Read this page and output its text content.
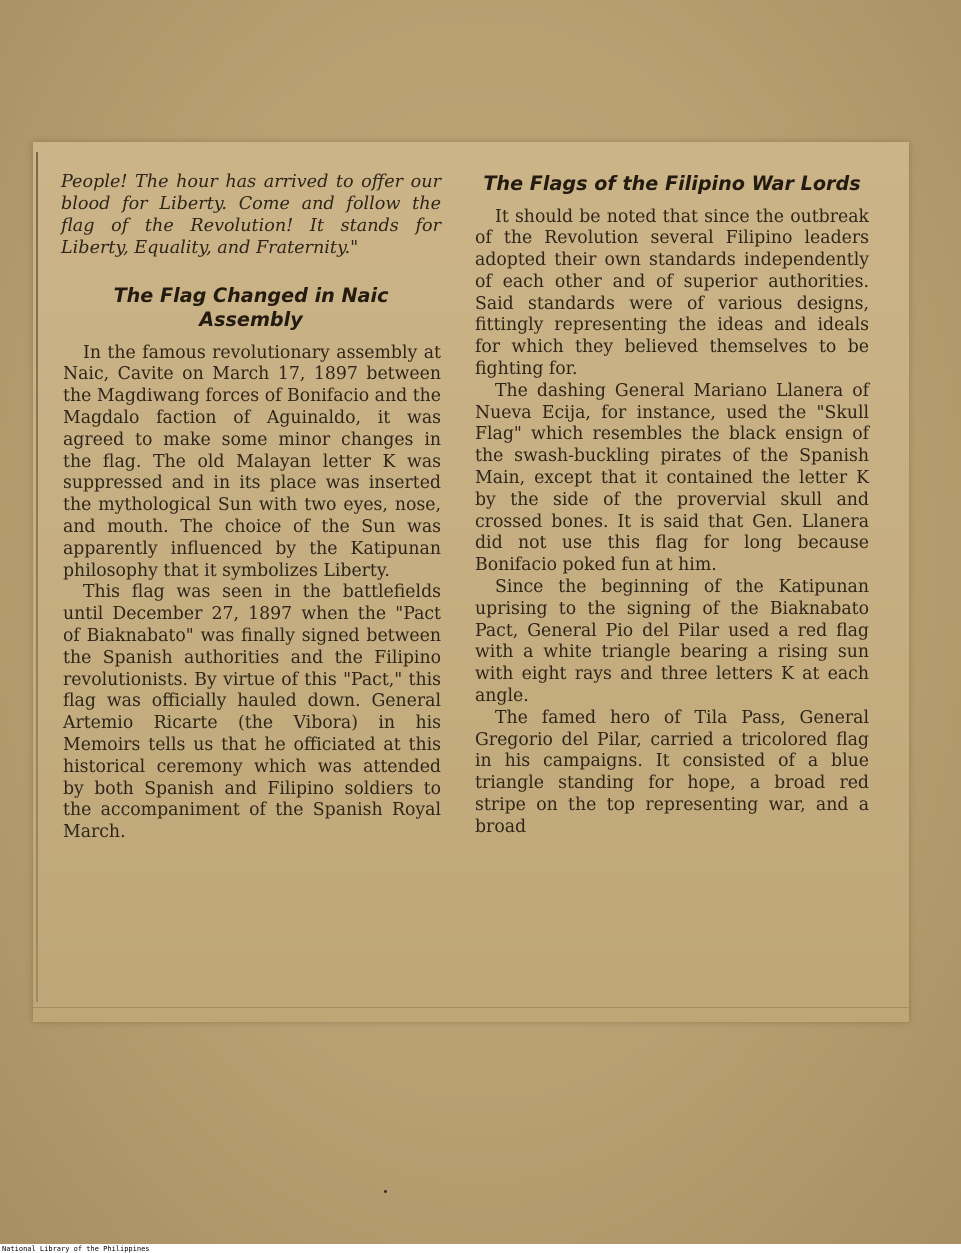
People! The hour has arrived to offer our blood for Liberty. Come and follow the flag of the Revolution! It stands for Liberty, Equality, and Fraternity."

The Flag Changed in Naic Assembly

In the famous revolutionary assembly at Naic, Cavite on March 17, 1897 between the Magdiwang forces of Bonifacio and the Magdalo faction of Aguinaldo, it was agreed to make some minor changes in the flag. The old Malayan letter K was suppressed and in its place was inserted the mythological Sun with two eyes, nose, and mouth. The choice of the Sun was apparently influenced by the Katipunan philosophy that it symbolizes Liberty.

This flag was seen in the battlefields until December 27, 1897 when the "Pact of Biaknabato" was finally signed between the Spanish authorities and the Filipino revolutionists. By virtue of this "Pact," this flag was officially hauled down. General Artemio Ricarte (the Vibora) in his Memoirs tells us that he officiated at this historical ceremony which was attended by both Spanish and Filipino soldiers to the accompaniment of the Spanish Royal March.

The Flags of the Filipino War Lords

It should be noted that since the outbreak of the Revolution several Filipino leaders adopted their own standards independently of each other and of superior authorities. Said standards were of various designs, fittingly representing the ideas and ideals for which they believed themselves to be fighting for.

The dashing General Mariano Llanera of Nueva Ecija, for instance, used the "Skull Flag" which resembles the black ensign of the swash-buckling pirates of the Spanish Main, except that it contained the letter K by the side of the provervial skull and crossed bones. It is said that Gen. Llanera did not use this flag for long because Bonifacio poked fun at him.

Since the beginning of the Katipunan uprising to the signing of the Biaknabato Pact, General Pio del Pilar used a red flag with a white triangle bearing a rising sun with eight rays and three letters K at each angle.

The famed hero of Tila Pass, General Gregorio del Pilar, carried a tricolored flag in his campaigns. It consisted of a blue triangle standing for hope, a broad red stripe on the top representing war, and a broad

National Library of the Philippines
